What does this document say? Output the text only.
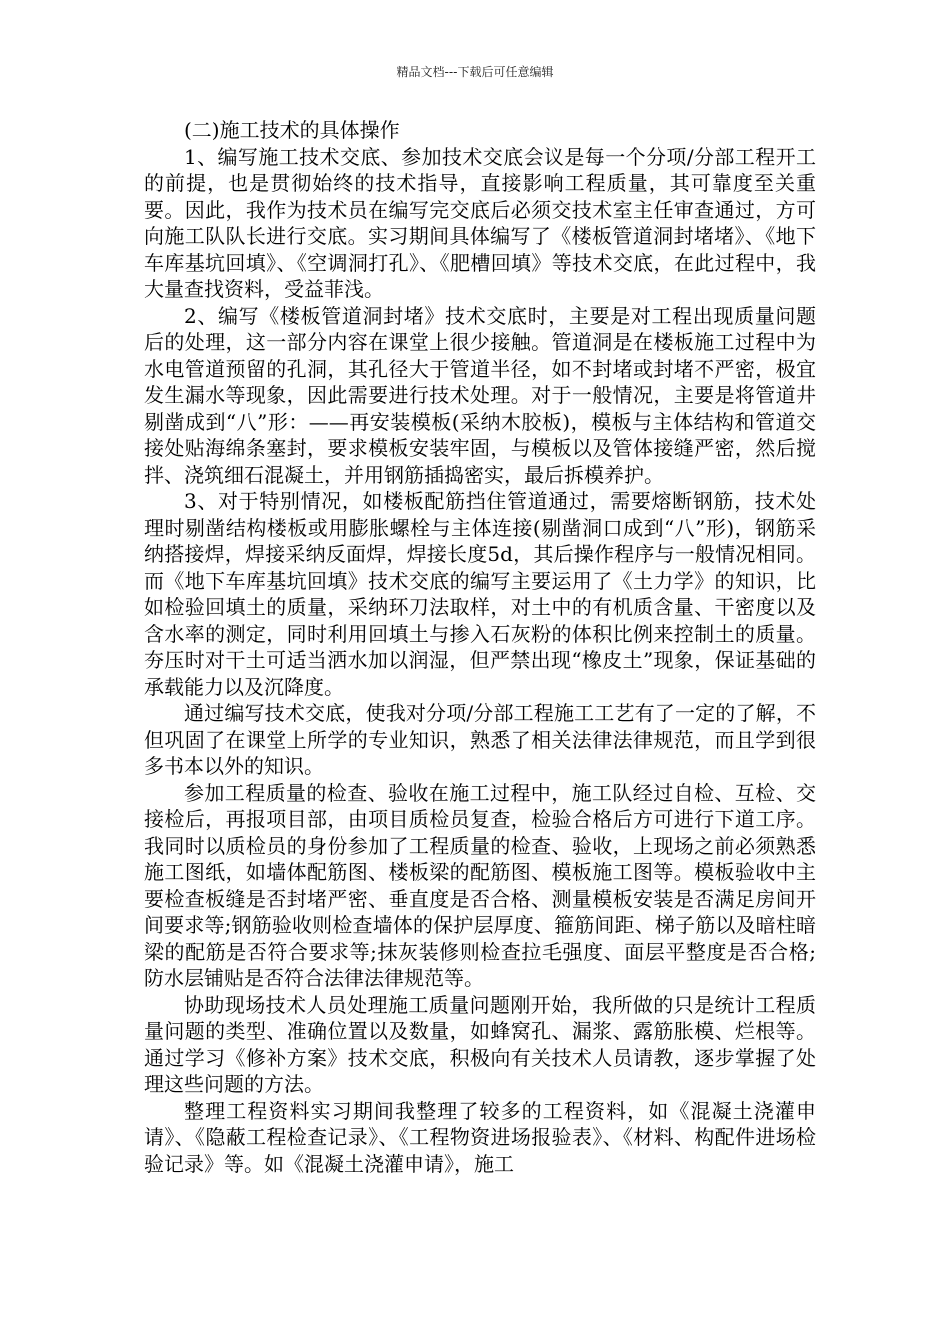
精品文档---下载后可任意编辑

(二)施工技术的具体操作

1、编写施工技术交底、参加技术交底会议是每一个分项/分部工程开工的前提，也是贯彻始终的技术指导，直接影响工程质量，其可靠度至关重要。因此，我作为技术员在编写完交底后必须交技术室主任审查通过，方可向施工队队长进行交底。实习期间具体编写了《楼板管道洞封堵堵》、《地下车库基坑回填》、《空调洞打孔》、《肥槽回填》等技术交底，在此过程中，我大量查找资料，受益菲浅。

2、编写《楼板管道洞封堵》技术交底时，主要是对工程出现质量问题后的处理，这一部分内容在课堂上很少接触。管道洞是在楼板施工过程中为水电管道预留的孔洞，其孔径大于管道半径，如不封堵或封堵不严密，极宜发生漏水等现象，因此需要进行技术处理。对于一般情况，主要是将管道井剔凿成到“八”形：——再安装模板(采纳木胶板)，模板与主体结构和管道交接处贴海绵条塞封，要求模板安装牢固，与模板以及管体接缝严密，然后搅拌、浇筑细石混凝土，并用钢筋插捣密实，最后拆模养护。

3、对于特别情况，如楼板配筋挡住管道通过，需要熔断钢筋，技术处理时剔凿结构楼板或用膨胀螺栓与主体连接(剔凿洞口成到“八”形)，钢筋采纳搭接焊，焊接采纳反面焊，焊接长度5d，其后操作程序与一般情况相同。而《地下车库基坑回填》技术交底的编写主要运用了《土力学》的知识，比如检验回填土的质量，采纳环刀法取样，对土中的有机质含量、干密度以及含水率的测定，同时利用回填土与掺入石灰粉的体积比例来控制土的质量。夯压时对干土可适当洒水加以润湿，但严禁出现“橡皮土”现象，保证基础的承载能力以及沉降度。

通过编写技术交底，使我对分项/分部工程施工工艺有了一定的了解，不但巩固了在课堂上所学的专业知识，熟悉了相关法律法律规范，而且学到很多书本以外的知识。

参加工程质量的检查、验收在施工过程中，施工队经过自检、互检、交接检后，再报项目部，由项目质检员复查，检验合格后方可进行下道工序。我同时以质检员的身份参加了工程质量的检查、验收，上现场之前必须熟悉施工图纸，如墙体配筋图、楼板梁的配筋图、模板施工图等。模板验收中主要检查板缝是否封堵严密、垂直度是否合格、测量模板安装是否满足房间开间要求等;钢筋验收则检查墙体的保护层厚度、箍筋间距、梯子筋以及暗柱暗梁的配筋是否符合要求等;抹灰装修则检查拉毛强度、面层平整度是否合格;防水层铺贴是否符合法律法律规范等。

协助现场技术人员处理施工质量问题刚开始，我所做的只是统计工程质量问题的类型、准确位置以及数量，如蜂窝孔、漏浆、露筋胀模、烂根等。通过学习《修补方案》技术交底，积极向有关技术人员请教，逐步掌握了处理这些问题的方法。

整理工程资料实习期间我整理了较多的工程资料，如《混凝土浇灌申请》、《隐蔽工程检查记录》、《工程物资进场报验表》、《材料、构配件进场检验记录》等。如《混凝土浇灌申请》，施工
